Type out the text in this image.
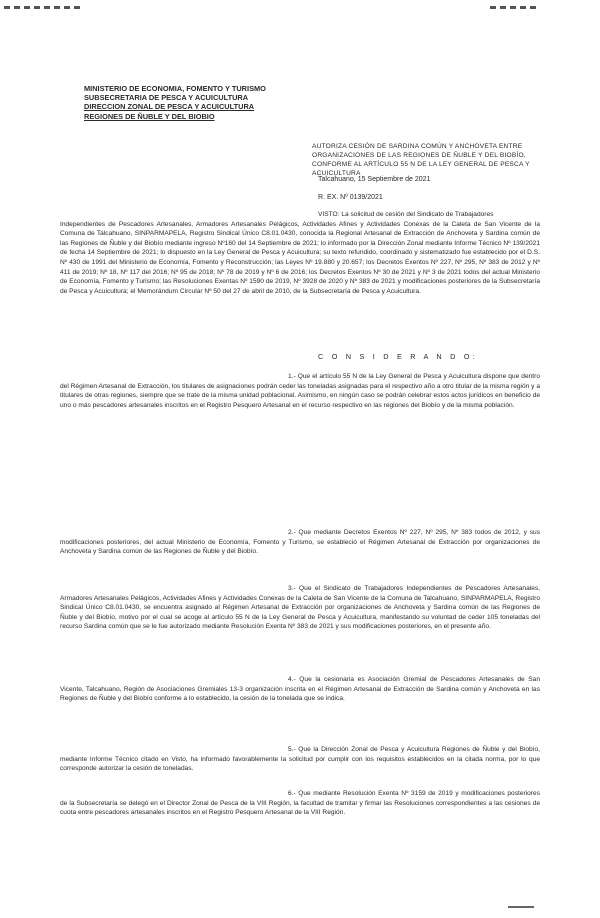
MINISTERIO DE ECONOMIA, FOMENTO Y TURISMO
SUBSECRETARIA DE PESCA Y ACUICULTURA
DIRECCION ZONAL DE PESCA Y ACUICULTURA
REGIONES DE ÑUBLE Y DEL BIOBIO
AUTORIZA CESIÓN DE SARDINA COMÚN Y ANCHOVETA ENTRE ORGANIZACIONES DE LAS REGIONES DE ÑUBLE Y DEL BIOBÍO, CONFORME AL ARTÍCULO 55 N DE LA LEY GENERAL DE PESCA Y ACUICULTURA
Talcahuano, 15 Septiembre de 2021
R. EX. Nº 0139/2021
VISTO: La solicitud de cesión del Sindicato de Trabajadores
Independientes de Pescadores Artesanales, Armadores Artesanales Pelágicos, Actividades Afines y Actividades Conexas de la Caleta de San Vicente de la Comuna de Talcahuano, SINPARMAPELA, Registro Sindical Único C8.01.0430, conocida la Regional Artesanal de Extracción de Anchoveta y Sardina común de las Regiones de Ñuble y del Biobío mediante ingreso Nº160 del 14 Septiembre de 2021; lo informado por la Dirección Zonal mediante Informe Técnico Nº 139/2021 de fecha 14 Septiembre de 2021; lo dispuesto en la Ley General de Pesca y Acuicultura; su texto refundido, coordinado y sistematizado fue establecido por el D.S. Nº 430 de 1991 del Ministerio de Economía, Fomento y Reconstrucción; las Leyes Nº 19.880 y 20.657; los Decretos Exentos Nº 227, Nº 295, Nº 383 de 2012 y Nº 411 de 2019; Nº 18, Nº 117 del 2016; Nº 95 de 2018; Nº 78 de 2019 y Nº 6 de 2016; los Decretos Exentos Nº 30 de 2021 y Nº 3 de 2021 todos del actual Ministerio de Economía, Fomento y Turismo; las Resoluciones Exentas Nº 1590 de 2019, Nº 3928 de 2020 y Nº 383 de 2021 y modificaciones posteriores de la Subsecretaría de Pesca y Acuicultura; el Memorándum Circular Nº 50 del 27 de abril de 2010, de la Subsecretaría de Pesca y Acuicultura.
C O N S I D E R A N D O:
1.- Que el artículo 55 N de la Ley General de Pesca y Acuicultura dispone que dentro del Régimen Artesanal de Extracción, los titulares de asignaciones podrán ceder las toneladas asignadas para el respectivo año a otro titular de la misma región y a titulares de otras regiones, siempre que se trate de la misma unidad poblacional. Asimismo, en ningún caso se podrán celebrar estos actos jurídicos en beneficio de uno o más pescadores artesanales inscritos en el Registro Pesquero Artesanal en el recurso respectivo en las regiones del Biobío y de la misma población.
2.- Que mediante Decretos Exentos Nº 227, Nº 295, Nº 383 todos de 2012, y sus modificaciones posteriores, del actual Ministerio de Economía, Fomento y Turismo, se estableció el Régimen Artesanal de Extracción por organizaciones de Anchoveta y Sardina común de las Regiones de Ñuble y del Biobío.
3.- Que el Sindicato de Trabajadores Independientes de Pescadores Artesanales, Armadores Artesanales Pelágicos, Actividades Afines y Actividades Conexas de la Caleta de San Vicente de la Comuna de Talcahuano, SINPARMAPELA, Registro Sindical Único C8.01.0430, se encuentra asignado al Régimen Artesanal de Extracción por organizaciones de Anchoveta y Sardina común de las Regiones de Ñuble y del Biobío, motivo por el cual se acoge al artículo 55 N de la Ley General de Pesca y Acuicultura, manifestando su voluntad de ceder 105 toneladas del recurso Sardina común que se le fue autorizado mediante Resolución Exenta Nº 383 de 2021 y sus modificaciones posteriores, en el presente año.
4.- Que la cesionaria es Asociación Gremial de Pescadores Artesanales de San Vicente, Talcahuano, Región de Asociaciones Gremiales 13-3 organización inscrita en el Régimen Artesanal de Extracción de Sardina común y Anchoveta en las Regiones de Ñuble y del Biobío conforme a lo establecido, la cesión de la tonelada que se indica.
5.- Que la Dirección Zonal de Pesca y Acuicultura Regiones de Ñuble y del Biobío, mediante Informe Técnico citado en Visto, ha informado favorablemente la solicitud por cumplir con los requisitos establecidos en la citada norma, por lo que corresponde autorizar la cesión de toneladas.
6.- Que mediante Resolución Exenta Nº 3159 de 2019 y modificaciones posteriores de la Subsecretaría se delegó en el Director Zonal de Pesca de la VIII Región, la facultad de tramitar y firmar las Resoluciones correspondientes a las cesiones de cuota entre pescadores artesanales inscritos en el Registro Pesquero Artesanal de la VIII Región.
